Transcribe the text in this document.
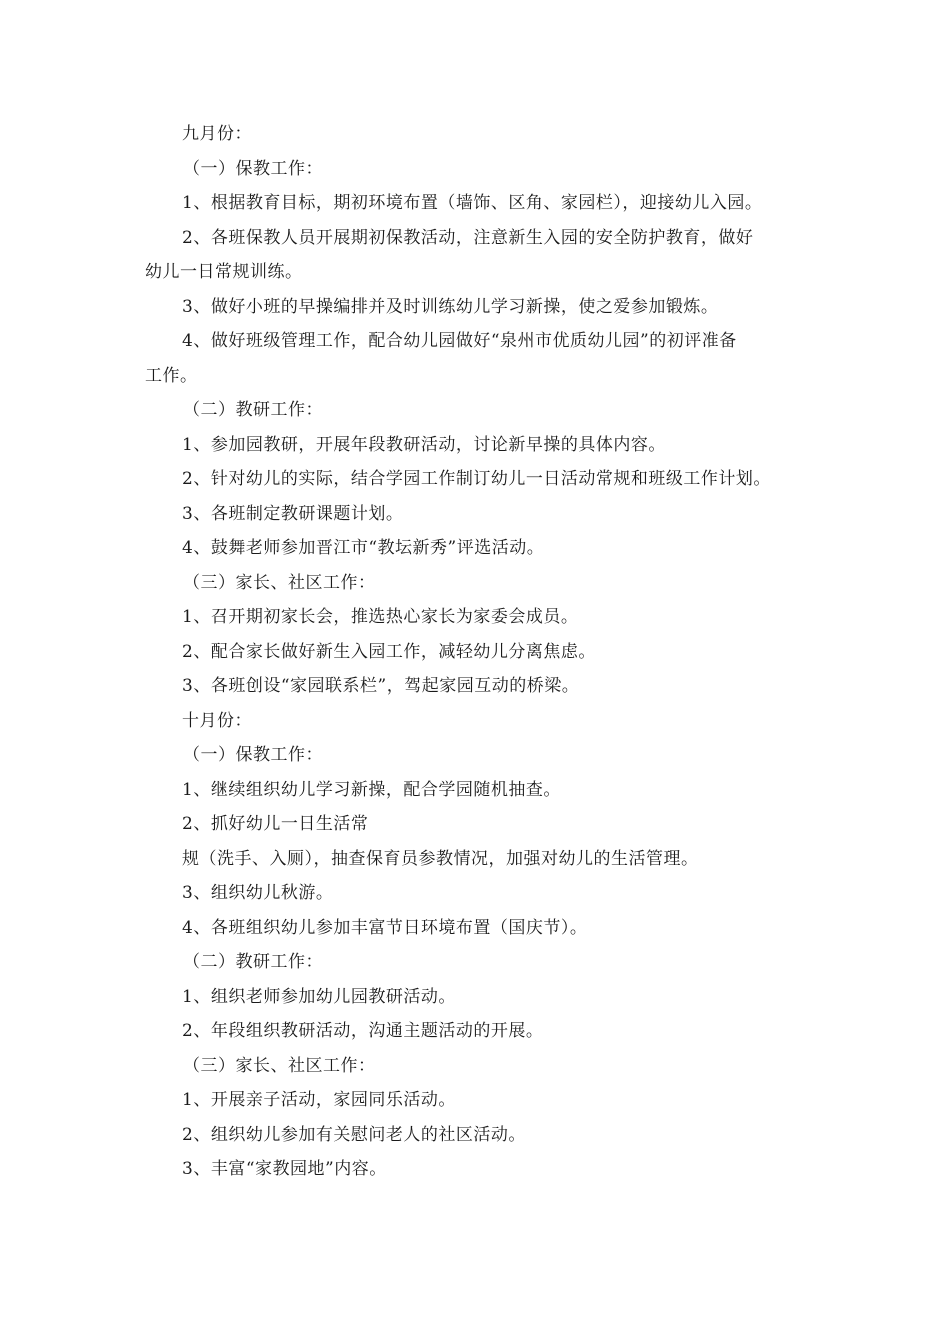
九月份：
（一）保教工作：
1、根据教育目标，期初环境布置（墙饰、区角、家园栏），迎接幼儿入园。
2、各班保教人员开展期初保教活动，注意新生入园的安全防护教育，做好
幼儿一日常规训练。
3、做好小班的早操编排并及时训练幼儿学习新操，使之爱参加锻炼。
4、做好班级管理工作，配合幼儿园做好“泉州市优质幼儿园”的初评准备
工作。
（二）教研工作：
1、参加园教研，开展年段教研活动，讨论新早操的具体内容。
2、针对幼儿的实际，结合学园工作制订幼儿一日活动常规和班级工作计划。
3、各班制定教研课题计划。
4、鼓舞老师参加晋江市“教坛新秀”评选活动。
（三）家长、社区工作：
1、召开期初家长会，推选热心家长为家委会成员。
2、配合家长做好新生入园工作，减轻幼儿分离焦虑。
3、各班创设“家园联系栏”，驾起家园互动的桥梁。
十月份：
（一）保教工作：
1、继续组织幼儿学习新操，配合学园随机抽查。
2、抓好幼儿一日生活常
规（洗手、入厕），抽查保育员参教情况，加强对幼儿的生活管理。
3、组织幼儿秋游。
4、各班组织幼儿参加丰富节日环境布置（国庆节）。
（二）教研工作：
1、组织老师参加幼儿园教研活动。
2、年段组织教研活动，沟通主题活动的开展。
（三）家长、社区工作：
1、开展亲子活动，家园同乐活动。
2、组织幼儿参加有关慰问老人的社区活动。
3、丰富“家教园地”内容。
